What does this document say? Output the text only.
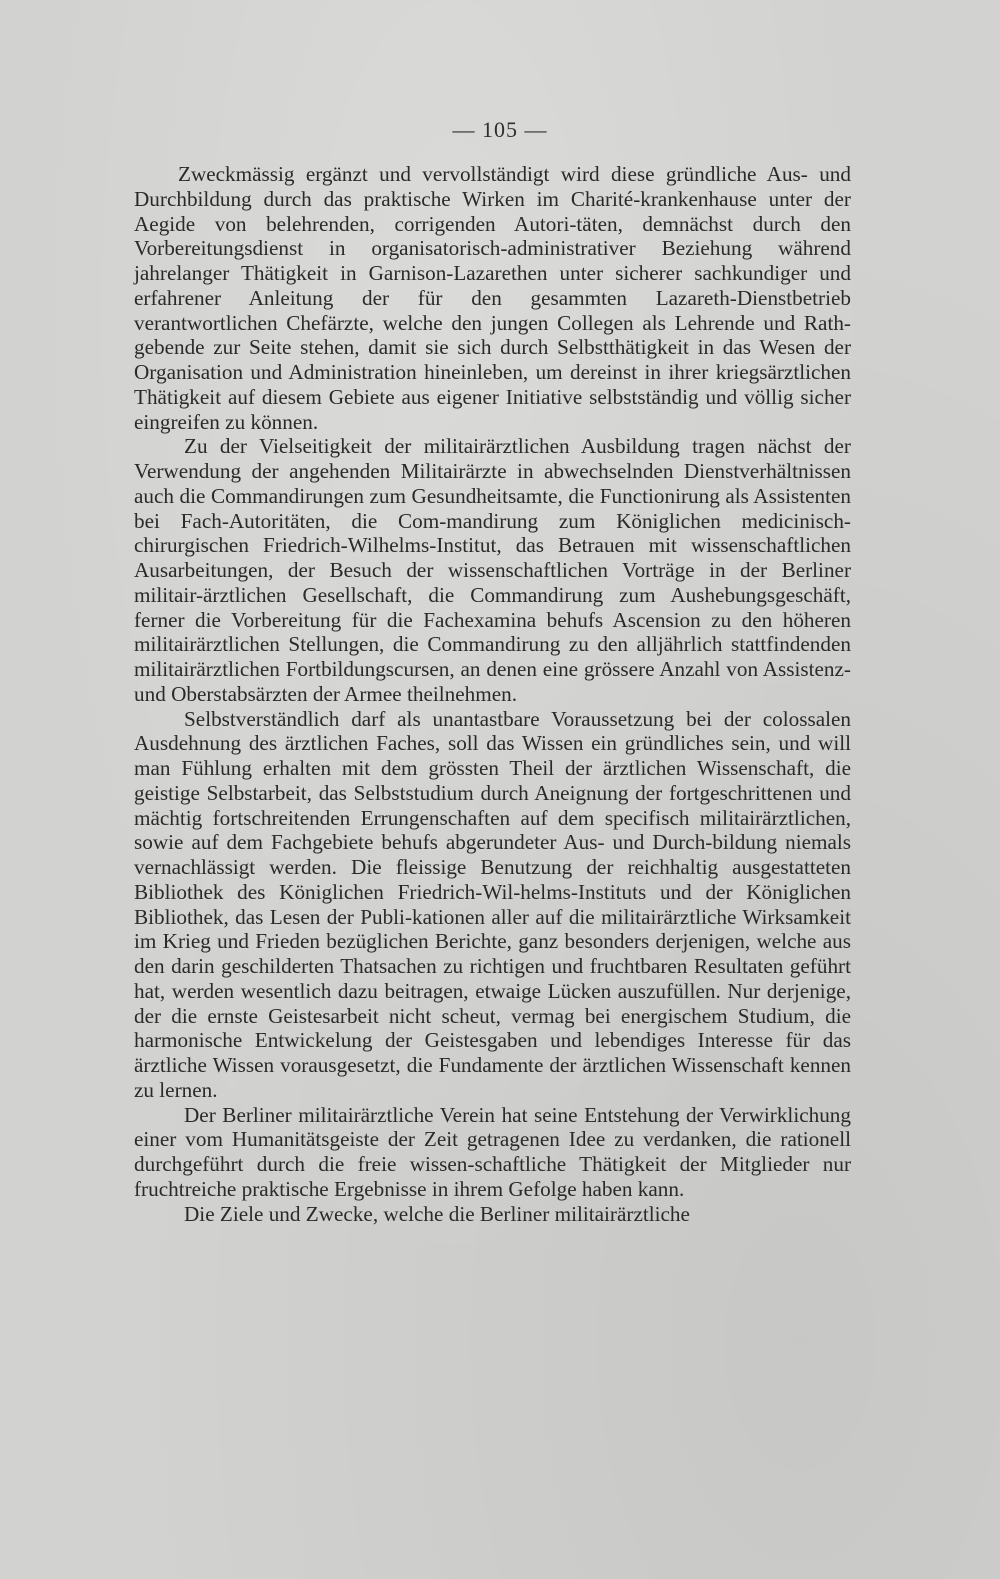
— 105 —

Zweckmässig ergänzt und vervollständigt wird diese gründliche Aus- und Durchbildung durch das praktische Wirken im Charité-krankenhause unter der Aegide von belehrenden, corrigenden Autori-täten, demnächst durch den Vorbereitungsdienst in organisatorisch-administrativer Beziehung während jahrelanger Thätigkeit in Garnison-Lazarethen unter sicherer sachkundiger und erfahrener Anleitung der für den gesammten Lazareth-Dienstbetrieb verantwortlichen Chefärzte, welche den jungen Collegen als Lehrende und Rath-gebende zur Seite stehen, damit sie sich durch Selbstthätigkeit in das Wesen der Organisation und Administration hineinleben, um dereinst in ihrer kriegsärztlichen Thätigkeit auf diesem Gebiete aus eigener Initiative selbstständig und völlig sicher eingreifen zu können.

Zu der Vielseitigkeit der militairärztlichen Ausbildung tragen nächst der Verwendung der angehenden Militairärzte in abwechselnden Dienstverhältnissen auch die Commandirungen zum Gesundheitsamte, die Functionirung als Assistenten bei Fach-Autoritäten, die Com-mandirung zum Königlichen medicinisch-chirurgischen Friedrich-Wilhelms-Institut, das Betrauen mit wissenschaftlichen Ausarbeitungen, der Besuch der wissenschaftlichen Vorträge in der Berliner militair-ärztlichen Gesellschaft, die Commandirung zum Aushebungsgeschäft, ferner die Vorbereitung für die Fachexamina behufs Ascension zu den höheren militairärztlichen Stellungen, die Commandirung zu den alljährlich stattfindenden militairärztlichen Fortbildungscursen, an denen eine grössere Anzahl von Assistenz- und Oberstabsärzten der Armee theilnehmen.

Selbstverständlich darf als unantastbare Voraussetzung bei der colossalen Ausdehnung des ärztlichen Faches, soll das Wissen ein gründliches sein, und will man Fühlung erhalten mit dem grössten Theil der ärztlichen Wissenschaft, die geistige Selbstarbeit, das Selbststudium durch Aneignung der fortgeschrittenen und mächtig fortschreitenden Errungenschaften auf dem specifisch militairärztlichen, sowie auf dem Fachgebiete behufs abgerundeter Aus- und Durch-bildung niemals vernachlässigt werden. Die fleissige Benutzung der reichhaltig ausgestatteten Bibliothek des Königlichen Friedrich-Wil-helms-Instituts und der Königlichen Bibliothek, das Lesen der Publi-kationen aller auf die militairärztliche Wirksamkeit im Krieg und Frieden bezüglichen Berichte, ganz besonders derjenigen, welche aus den darin geschilderten Thatsachen zu richtigen und fruchtbaren Resultaten geführt hat, werden wesentlich dazu beitragen, etwaige Lücken auszufüllen. Nur derjenige, der die ernste Geistesarbeit nicht scheut, vermag bei energischem Studium, die harmonische Entwickelung der Geistesgaben und lebendiges Interesse für das ärztliche Wissen vorausgesetzt, die Fundamente der ärztlichen Wissenschaft kennen zu lernen.

Der Berliner militairärztliche Verein hat seine Entstehung der Verwirklichung einer vom Humanitätsgeiste der Zeit getragenen Idee zu verdanken, die rationell durchgeführt durch die freie wissen-schaftliche Thätigkeit der Mitglieder nur fruchtreiche praktische Ergebnisse in ihrem Gefolge haben kann.

Die Ziele und Zwecke, welche die Berliner militairärztliche
